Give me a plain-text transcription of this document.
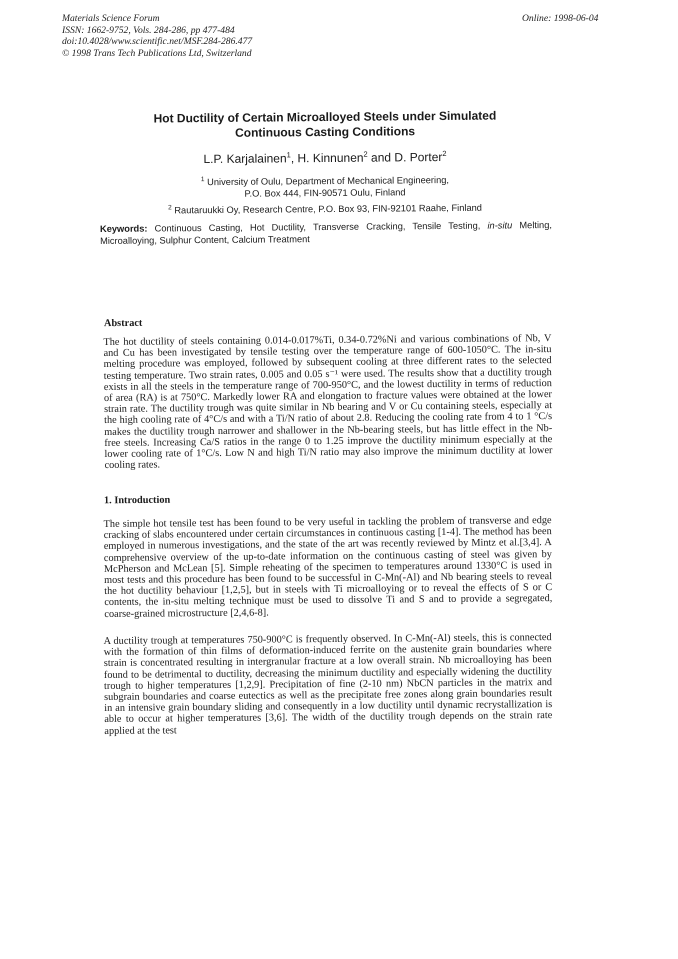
Materials Science Forum
ISSN: 1662-9752, Vols. 284-286, pp 477-484
doi:10.4028/www.scientific.net/MSF.284-286.477
© 1998 Trans Tech Publications Ltd, Switzerland
Online: 1998-06-04
Hot Ductility of Certain Microalloyed Steels under Simulated
Continuous Casting Conditions
L.P. Karjalainen$^1$, H. Kinnunen$^2$ and D. Porter$^2$
$^1$ University of Oulu, Department of Mechanical Engineering,
P.O. Box 444, FIN-90571 Oulu, Finland
$^2$ Rautaruukki Oy, Research Centre, P.O. Box 93, FIN-92101 Raahe, Finland
Keywords: Continuous Casting, Hot Ductility, Transverse Cracking, Tensile Testing, in-situ Melting, Microalloying, Sulphur Content, Calcium Treatment
Abstract
The hot ductility of steels containing 0.014-0.017%Ti, 0.34-0.72%Ni and various combinations of Nb, V and Cu has been investigated by tensile testing over the temperature range of 600-1050°C. The in-situ melting procedure was employed, followed by subsequent cooling at three different rates to the selected testing temperature. Two strain rates, 0.005 and 0.05 s⁻¹ were used. The results show that a ductility trough exists in all the steels in the temperature range of 700-950°C, and the lowest ductility in terms of reduction of area (RA) is at 750°C. Markedly lower RA and elongation to fracture values were obtained at the lower strain rate. The ductility trough was quite similar in Nb bearing and V or Cu containing steels, especially at the high cooling rate of 4°C/s and with a Ti/N ratio of about 2.8. Reducing the cooling rate from 4 to 1 °C/s makes the ductility trough narrower and shallower in the Nb-bearing steels, but has little effect in the Nb-free steels. Increasing Ca/S ratios in the range 0 to 1.25 improve the ductility minimum especially at the lower cooling rate of 1°C/s. Low N and high Ti/N ratio may also improve the minimum ductility at lower cooling rates.
1. Introduction
The simple hot tensile test has been found to be very useful in tackling the problem of transverse and edge cracking of slabs encountered under certain circumstances in continuous casting [1-4]. The method has been employed in numerous investigations, and the state of the art was recently reviewed by Mintz et al.[3,4]. A comprehensive overview of the up-to-date information on the continuous casting of steel was given by McPherson and McLean [5]. Simple reheating of the specimen to temperatures around 1330°C is used in most tests and this procedure has been found to be successful in C-Mn(-Al) and Nb bearing steels to reveal the hot ductility behaviour [1,2,5], but in steels with Ti microalloying or to reveal the effects of S or C contents, the in-situ melting technique must be used to dissolve Ti and S and to provide a segregated, coarse-grained microstructure [2,4,6-8].
A ductility trough at temperatures 750-900°C is frequently observed. In C-Mn(-Al) steels, this is connected with the formation of thin films of deformation-induced ferrite on the austenite grain boundaries where strain is concentrated resulting in intergranular fracture at a low overall strain. Nb microalloying has been found to be detrimental to ductility, decreasing the minimum ductility and especially widening the ductility trough to higher temperatures [1,2,9]. Precipitation of fine (2-10 nm) NbCN particles in the matrix and subgrain boundaries and coarse eutectics as well as the precipitate free zones along grain boundaries result in an intensive grain boundary sliding and consequently in a low ductility until dynamic recrystallization is able to occur at higher temperatures [3,6]. The width of the ductility trough depends on the strain rate applied at the test
